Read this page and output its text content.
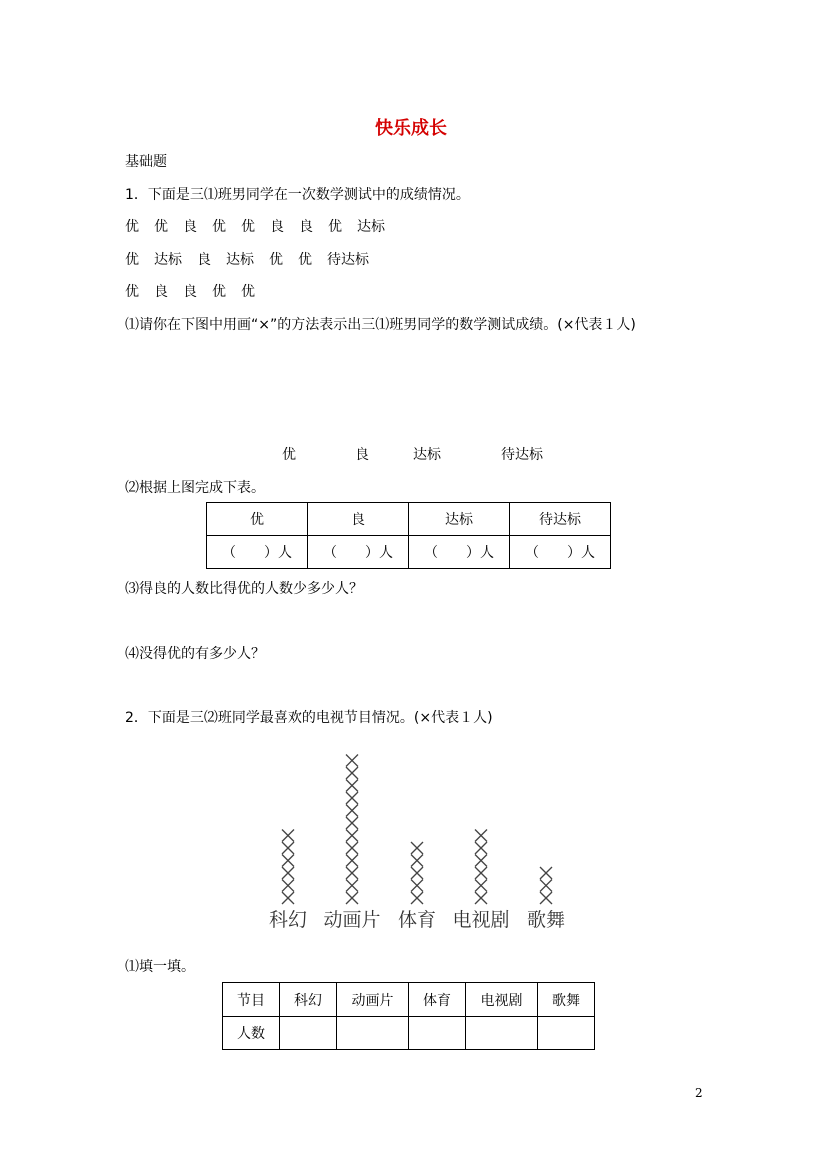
快乐成长
基础题
1．下面是三⑴班男同学在一次数学测试中的成绩情况。
优 优 良 优 优 良 良 优 达标
优 达标 良 达标 优 优 待达标
优 良 良 优 优
⑴请你在下图中用画“×”的方法表示出三⑴班男同学的数学测试成绩。(×代表１人)
优	良	达标	待达标
⑵根据上图完成下表。
优	良	达标	待达标
（　　）人	（　　）人	（　　）人	（　　）人
⑶得良的人数比得优的人数少多少人？
⑷没得优的有多少人？
2．下面是三⑵班同学最喜欢的电视节目情况。(×代表１人)
科幻 动画片 体育 电视剧 歌舞
⑴填一填。
节目	科幻	动画片	体育	电视剧	歌舞
人数					
2
